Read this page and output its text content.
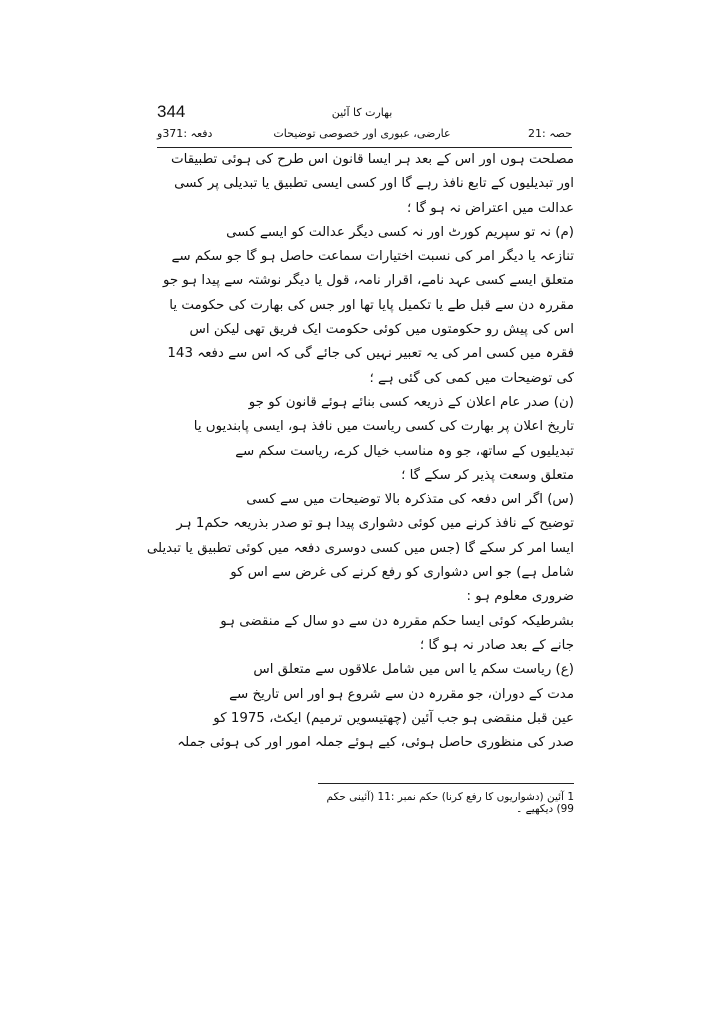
344	بھارت کا آئین
دفعہ :371و	عارضی، عبوری اور خصوصی توضیحات	حصہ :21
مصلحت ہوں اور اس کے بعد ہر ایسا قانون اس طرح کی ہوئی تطبیقات
اور تبدیلیوں کے تابع نافذ رہے گا اور کسی ایسی تطبیق یا تبدیلی پر کسی
عدالت میں اعتراض نہ ہو گا ؛
(م) نہ تو سپریم کورٹ اور نہ کسی دیگر عدالت کو ایسے کسی
تنازعہ یا دیگر امر کی نسبت اختیارات سماعت حاصل ہو گا جو سکم سے
متعلق ایسے کسی عہد نامے، اقرار نامہ، قول یا دیگر نوشتہ سے پیدا ہو جو
مقررہ دن سے قبل طے یا تکمیل پایا تھا اور جس کی بھارت کی حکومت یا
اس کی پیش رو حکومتوں میں کوئی حکومت ایک فریق تھی لیکن اس
فقرہ میں کسی امر کی یہ تعبیر نہیں کی جائے گی کہ اس سے دفعہ 143
کی توضیحات میں کمی کی گئی ہے ؛
(ن) صدر عام اعلان کے ذریعہ کسی بنائے ہوئے قانون کو جو
تاریخ اعلان پر بھارت کی کسی ریاست میں نافذ ہو، ایسی پابندیوں یا
تبدیلیوں کے ساتھ، جو وہ مناسب خیال کرے، ریاست سکم سے
متعلق وسعت پذیر کر سکے گا ؛
(س) اگر اس دفعہ کی متذکرہ بالا توضیحات میں سے کسی
توضیح کے نافذ کرنے میں کوئی دشواری پیدا ہو تو صدر بذریعہ حکم1 ہر
ایسا امر کر سکے گا (جس میں کسی دوسری دفعہ میں کوئی تطبیق یا تبدیلی
شامل ہے) جو اس دشواری کو رفع کرنے کی غرض سے اس کو
ضروری معلوم ہو :
بشرطیکہ کوئی ایسا حکم مقررہ دن سے دو سال کے منقضی ہو
جانے کے بعد صادر نہ ہو گا ؛
(ع) ریاست سکم یا اس میں شامل علاقوں سے متعلق اس
مدت کے دوران، جو مقررہ دن سے شروع ہو اور اس تاریخ سے
عین قبل منقضی ہو جب آئین (چھتیسویں ترمیم) ایکٹ، 1975 کو
صدر کی منظوری حاصل ہوئی، کیے ہوئے جملہ امور اور کی ہوئی جملہ
1 آئین (دشواریوں کا رفع کرنا) حکم نمبر :11 (آئینی حکم 99) دیکھیے ۔
